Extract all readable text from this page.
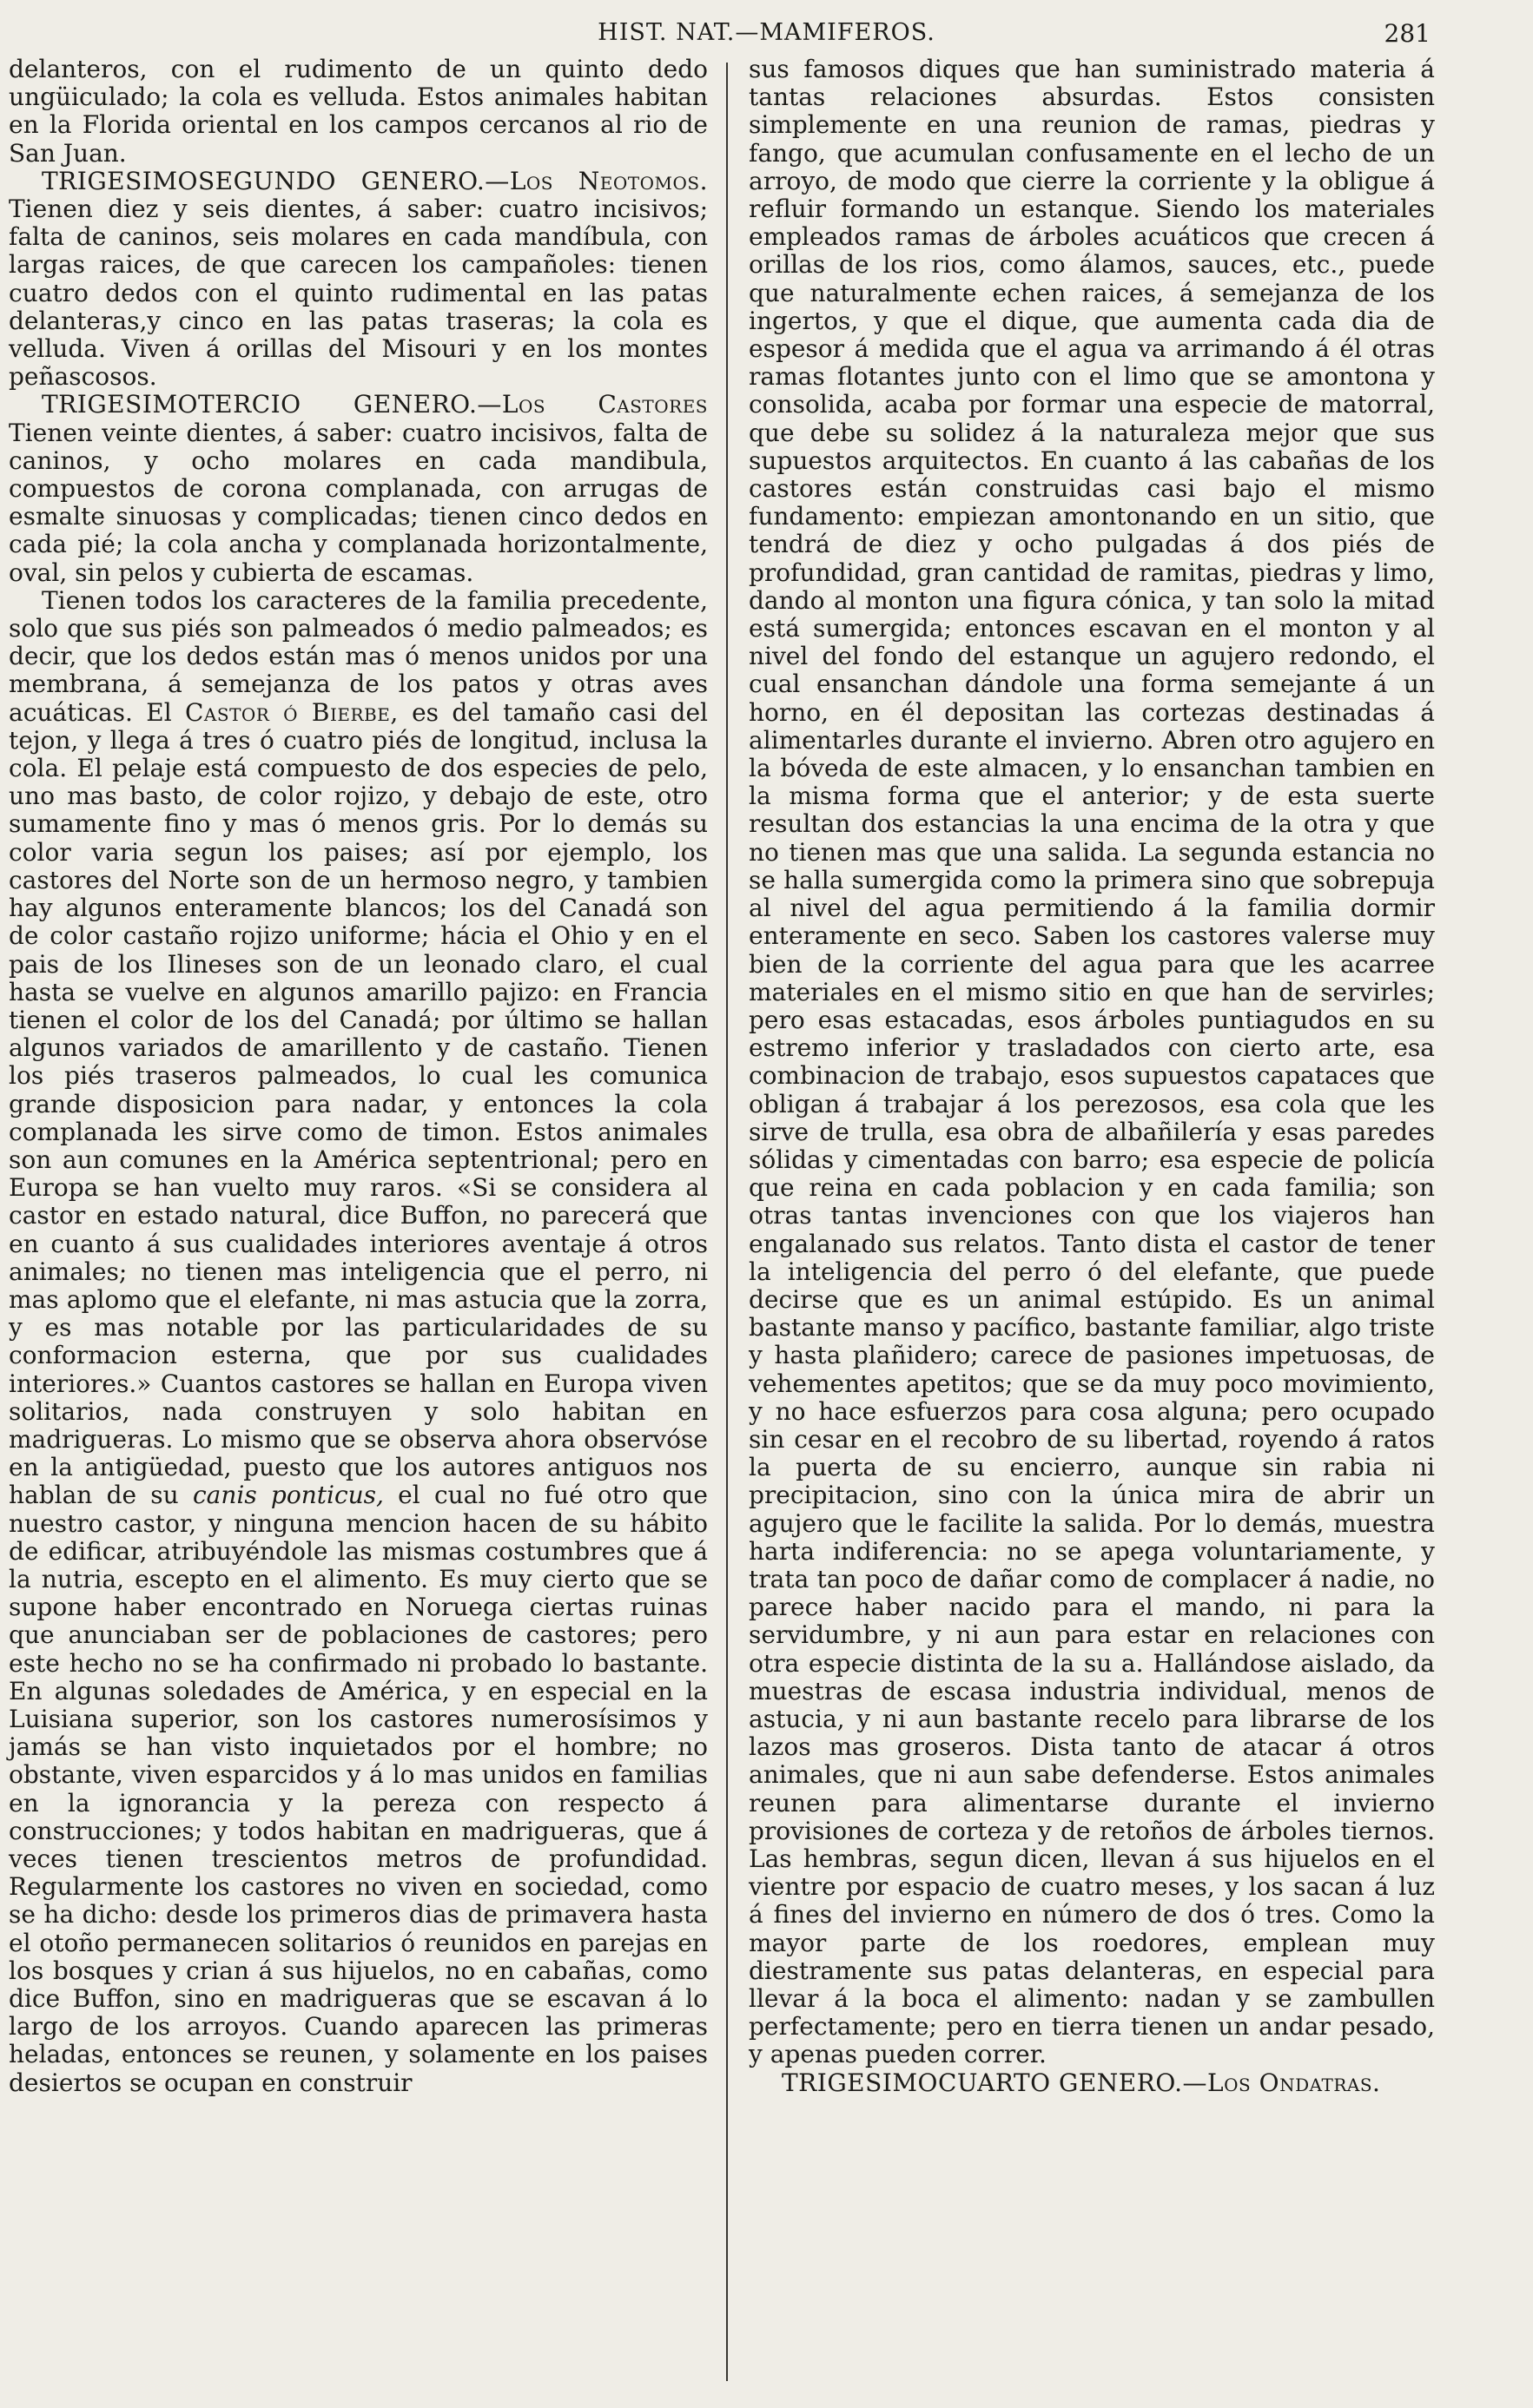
HIST. NAT.—MAMIFEROS.	281

delanteros, con el rudimento de un quinto dedo ungüiculado; la cola es velluda. Estos animales habitan en la Florida oriental en los campos cercanos al rio de San Juan.

TRIGESIMOSEGUNDO GENERO.—Los Neotomos. Tienen diez y seis dientes, á saber: cuatro incisivos; falta de caninos, seis molares en cada mandíbula, con largas raices, de que carecen los campañoles: tienen cuatro dedos con el quinto rudimental en las patas delanteras,y cinco en las patas traseras; la cola es velluda. Viven á orillas del Misouri y en los montes peñascosos.

TRIGESIMOTERCIO GENERO.—Los Castores Tienen veinte dientes, á saber: cuatro incisivos, falta de caninos, y ocho molares en cada mandibula, compuestos de corona complanada, con arrugas de esmalte sinuosas y complicadas; tienen cinco dedos en cada pié; la cola ancha y complanada horizontalmente, oval, sin pelos y cubierta de escamas.

Tienen todos los caracteres de la familia precedente, solo que sus piés son palmeados ó medio palmeados; es decir, que los dedos están mas ó menos unidos por una membrana, á semejanza de los patos y otras aves acuáticas. El Castor ó Bierbe, es del tamaño casi del tejon, y llega á tres ó cuatro piés de longitud, inclusa la cola. El pelaje está compuesto de dos especies de pelo, uno mas basto, de color rojizo, y debajo de este, otro sumamente fino y mas ó menos gris. Por lo demás su color varia segun los paises; así por ejemplo, los castores del Norte son de un hermoso negro, y tambien hay algunos enteramente blancos; los del Canadá son de color castaño rojizo uniforme; hácia el Ohio y en el pais de los Ilineses son de un leonado claro, el cual hasta se vuelve en algunos amarillo pajizo: en Francia tienen el color de los del Canadá; por último se hallan algunos variados de amarillento y de castaño. Tienen los piés traseros palmeados, lo cual les comunica grande disposicion para nadar, y entonces la cola complanada les sirve como de timon. Estos animales son aun comunes en la América septentrional; pero en Europa se han vuelto muy raros. «Si se considera al castor en estado natural, dice Buffon, no parecerá que en cuanto á sus cualidades interiores aventaje á otros animales; no tienen mas inteligencia que el perro, ni mas aplomo que el elefante, ni mas astucia que la zorra, y es mas notable por las particularidades de su conformacion esterna, que por sus cualidades interiores.» Cuantos castores se hallan en Europa viven solitarios, nada construyen y solo habitan en madrigueras. Lo mismo que se observa ahora observóse en la antigüedad, puesto que los autores antiguos nos hablan de su canis ponticus, el cual no fué otro que nuestro castor, y ninguna mencion hacen de su hábito de edificar, atribuyéndole las mismas costumbres que á la nutria, escepto en el alimento. Es muy cierto que se supone haber encontrado en Noruega ciertas ruinas que anunciaban ser de poblaciones de castores; pero este hecho no se ha confirmado ni probado lo bastante. En algunas soledades de América, y en especial en la Luisiana superior, son los castores numerosísimos y jamás se han visto inquietados por el hombre; no obstante, viven esparcidos y á lo mas unidos en familias en la ignorancia y la pereza con respecto á construcciones; y todos habitan en madrigueras, que á veces tienen trescientos metros de profundidad. Regularmente los castores no viven en sociedad, como se ha dicho: desde los primeros dias de primavera hasta el otoño permanecen solitarios ó reunidos en parejas en los bosques y crian á sus hijuelos, no en cabañas, como dice Buffon, sino en madrigueras que se escavan á lo largo de los arroyos. Cuando aparecen las primeras heladas, entonces se reunen, y solamente en los paises desiertos se ocupan en construir

sus famosos diques que han suministrado materia á tantas relaciones absurdas. Estos consisten simplemente en una reunion de ramas, piedras y fango, que acumulan confusamente en el lecho de un arroyo, de modo que cierre la corriente y la obligue á refluir formando un estanque. Siendo los materiales empleados ramas de árboles acuáticos que crecen á orillas de los rios, como álamos, sauces, etc., puede que naturalmente echen raices, á semejanza de los ingertos, y que el dique, que aumenta cada dia de espesor á medida que el agua va arrimando á él otras ramas flotantes junto con el limo que se amontona y consolida, acaba por formar una especie de matorral, que debe su solidez á la naturaleza mejor que sus supuestos arquitectos. En cuanto á las cabañas de los castores están construidas casi bajo el mismo fundamento: empiezan amontonando en un sitio, que tendrá de diez y ocho pulgadas á dos piés de profundidad, gran cantidad de ramitas, piedras y limo, dando al monton una figura cónica, y tan solo la mitad está sumergida; entonces escavan en el monton y al nivel del fondo del estanque un agujero redondo, el cual ensanchan dándole una forma semejante á un horno, en él depositan las cortezas destinadas á alimentarles durante el invierno. Abren otro agujero en la bóveda de este almacen, y lo ensanchan tambien en la misma forma que el anterior; y de esta suerte resultan dos estancias la una encima de la otra y que no tienen mas que una salida. La segunda estancia no se halla sumergida como la primera sino que sobrepuja al nivel del agua permitiendo á la familia dormir enteramente en seco. Saben los castores valerse muy bien de la corriente del agua para que les acarree materiales en el mismo sitio en que han de servirles; pero esas estacadas, esos árboles puntiagudos en su estremo inferior y trasladados con cierto arte, esa combinacion de trabajo, esos supuestos capataces que obligan á trabajar á los perezosos, esa cola que les sirve de trulla, esa obra de albañilería y esas paredes sólidas y cimentadas con barro; esa especie de policía que reina en cada poblacion y en cada familia; son otras tantas invenciones con que los viajeros han engalanado sus relatos. Tanto dista el castor de tener la inteligencia del perro ó del elefante, que puede decirse que es un animal estúpido. Es un animal bastante manso y pacífico, bastante familiar, algo triste y hasta plañidero; carece de pasiones impetuosas, de vehementes apetitos; que se da muy poco movimiento, y no hace esfuerzos para cosa alguna; pero ocupado sin cesar en el recobro de su libertad, royendo á ratos la puerta de su encierro, aunque sin rabia ni precipitacion, sino con la única mira de abrir un agujero que le facilite la salida. Por lo demás, muestra harta indiferencia: no se apega voluntariamente, y trata tan poco de dañar como de complacer á nadie, no parece haber nacido para el mando, ni para la servidumbre, y ni aun para estar en relaciones con otra especie distinta de la su a. Hallándose aislado, da muestras de escasa industria individual, menos de astucia, y ni aun bastante recelo para librarse de los lazos mas groseros. Dista tanto de atacar á otros animales, que ni aun sabe defenderse. Estos animales reunen para alimentarse durante el invierno provisiones de corteza y de retoños de árboles tiernos. Las hembras, segun dicen, llevan á sus hijuelos en el vientre por espacio de cuatro meses, y los sacan á luz á fines del invierno en número de dos ó tres. Como la mayor parte de los roedores, emplean muy diestramente sus patas delanteras, en especial para llevar á la boca el alimento: nadan y se zambullen perfectamente; pero en tierra tienen un andar pesado, y apenas pueden correr.

TRIGESIMOCUARTO GENERO.—Los Ondatras.
